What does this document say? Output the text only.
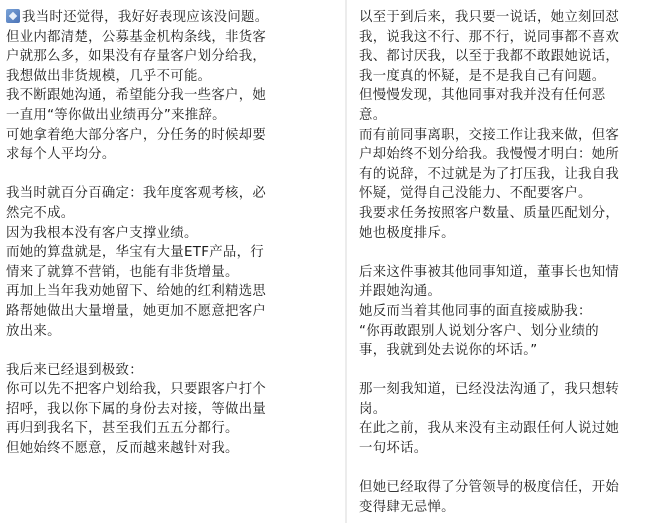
我当时还觉得，我好好表现应该没问题。
但业内都清楚，公募基金机构条线，非货客
户就那么多，如果没有存量客户划分给我，
我想做出非货规模，几乎不可能。
我不断跟她沟通，希望能分我一些客户，她
一直用“等你做出业绩再分”来推辞。
可她拿着绝大部分客户，分任务的时候却要
求每个人平均分。
我当时就百分百确定：我年度客观考核，必
然完不成。
因为我根本没有客户支撑业绩。
而她的算盘就是，华宝有大量ETF产品，行
情来了就算不营销，也能有非货增量。
再加上当年我劝她留下、给她的红利精选思
路帮她做出大量增量，她更加不愿意把客户
放出来。
我后来已经退到极致：
你可以先不把客户划给我，只要跟客户打个
招呼，我以你下属的身份去对接，等做出量
再归到我名下，甚至我们五五分都行。
但她始终不愿意，反而越来越针对我。
以至于到后来，我只要一说话，她立刻回怼
我，说我这不行、那不行，说同事都不喜欢
我、都讨厌我，以至于我都不敢跟她说话，
我一度真的怀疑，是不是我自己有问题。
但慢慢发现，其他同事对我并没有任何恶
意。
而有前同事离职，交接工作让我来做，但客
户却始终不划分给我。我慢慢才明白：她所
有的说辞，不过就是为了打压我，让我自我
怀疑，觉得自己没能力、不配要客户。
我要求任务按照客户数量、质量匹配划分，
她也极度排斥。
后来这件事被其他同事知道，董事长也知情
并跟她沟通。
她反而当着其他同事的面直接威胁我：
“你再敢跟别人说划分客户、划分业绩的
事，我就到处去说你的坏话。”
那一刻我知道，已经没法沟通了，我只想转
岗。
在此之前，我从来没有主动跟任何人说过她
一句坏话。
但她已经取得了分管领导的极度信任，开始
变得肆无忌惮。
